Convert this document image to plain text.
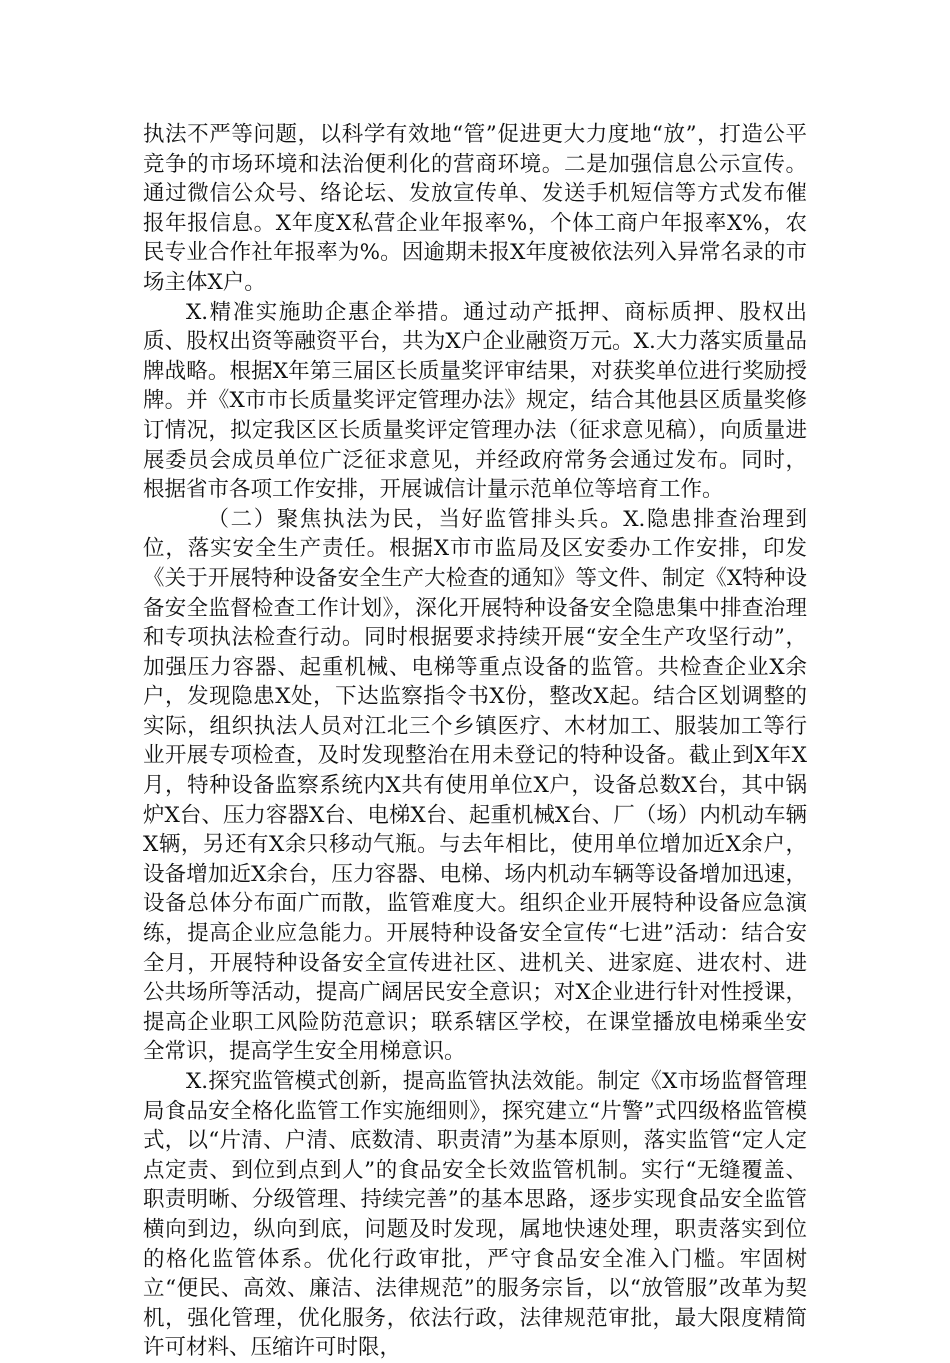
执法不严等问题，以科学有效地“管”促进更大力度地“放”，打造公平竞争的市场环境和法治便利化的营商环境。二是加强信息公示宣传。通过微信公众号、络论坛、发放宣传单、发送手机短信等方式发布催报年报信息。X年度X私营企业年报率%，个体工商户年报率X%，农民专业合作社年报率为%。因逾期未报X年度被依法列入异常名录的市场主体X户。

X.精准实施助企惠企举措。通过动产抵押、商标质押、股权出质、股权出资等融资平台，共为X户企业融资万元。X.大力落实质量品牌战略。根据X年第三届区长质量奖评审结果，对获奖单位进行奖励授牌。并《X市市长质量奖评定管理办法》规定，结合其他县区质量奖修订情况，拟定我区区长质量奖评定管理办法（征求意见稿），向质量进展委员会成员单位广泛征求意见，并经政府常务会通过发布。同时，根据省市各项工作安排，开展诚信计量示范单位等培育工作。

（二）聚焦执法为民，当好监管排头兵。X.隐患排查治理到位，落实安全生产责任。根据X市市监局及区安委办工作安排，印发《关于开展特种设备安全生产大检查的通知》等文件、制定《X特种设备安全监督检查工作计划》，深化开展特种设备安全隐患集中排查治理和专项执法检查行动。同时根据要求持续开展“安全生产攻坚行动”，加强压力容器、起重机械、电梯等重点设备的监管。共检查企业X余户，发现隐患X处，下达监察指令书X份，整改X起。结合区划调整的实际，组织执法人员对江北三个乡镇医疗、木材加工、服装加工等行业开展专项检查，及时发现整治在用未登记的特种设备。截止到X年X月，特种设备监察系统内X共有使用单位X户，设备总数X台，其中锅炉X台、压力容器X台、电梯X台、起重机械X台、厂（场）内机动车辆X辆，另还有X余只移动气瓶。与去年相比，使用单位增加近X余户，设备增加近X余台，压力容器、电梯、场内机动车辆等设备增加迅速，设备总体分布面广而散，监管难度大。组织企业开展特种设备应急演练，提高企业应急能力。开展特种设备安全宣传“七进”活动：结合安全月，开展特种设备安全宣传进社区、进机关、进家庭、进农村、进公共场所等活动，提高广阔居民安全意识；对X企业进行针对性授课，提高企业职工风险防范意识；联系辖区学校，在课堂播放电梯乘坐安全常识，提高学生安全用梯意识。

X.探究监管模式创新，提高监管执法效能。制定《X市场监督管理局食品安全格化监管工作实施细则》，探究建立“片警”式四级格监管模式，以“片清、户清、底数清、职责清”为基本原则，落实监管“定人定点定责、到位到点到人”的食品安全长效监管机制。实行“无缝覆盖、职责明晰、分级管理、持续完善”的基本思路，逐步实现食品安全监管横向到边，纵向到底，问题及时发现，属地快速处理，职责落实到位的格化监管体系。优化行政审批，严守食品安全准入门槛。牢固树立“便民、高效、廉洁、法律规范”的服务宗旨，以“放管服”改革为契机，强化管理，优化服务，依法行政，法律规范审批，最大限度精简许可材料、压缩许可时限，
